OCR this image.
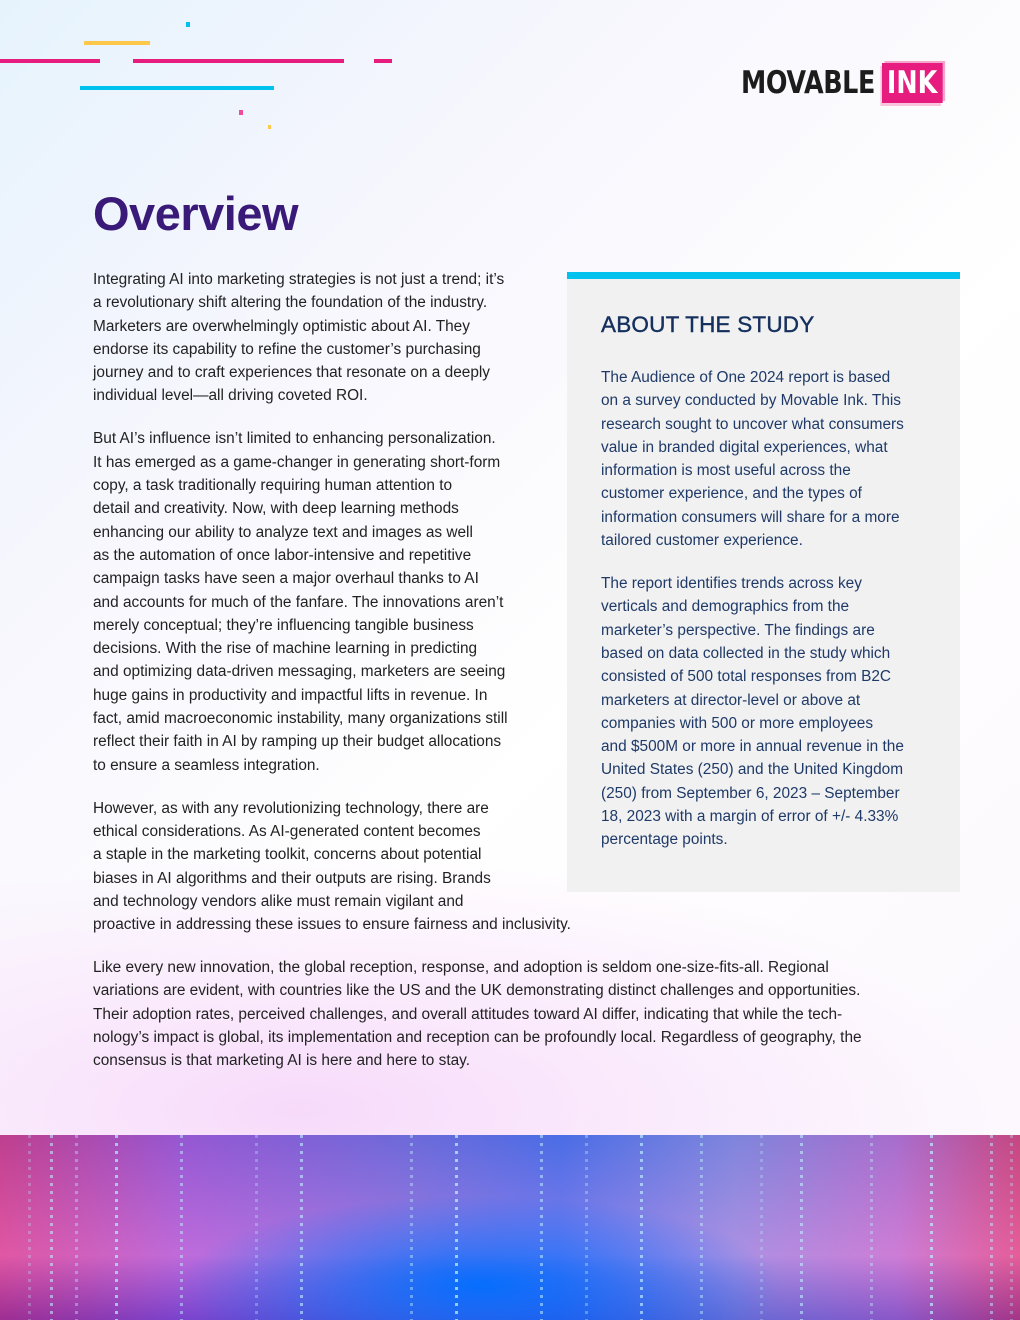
MOVABLE INK
Overview

Integrating AI into marketing strategies is not just a trend; it’s
a revolutionary shift altering the foundation of the industry.
Marketers are overwhelmingly optimistic about AI. They
endorse its capability to refine the customer’s purchasing
journey and to craft experiences that resonate on a deeply
individual level—all driving coveted ROI.

But AI’s influence isn’t limited to enhancing personalization.
It has emerged as a game-changer in generating short-form
copy, a task traditionally requiring human attention to
detail and creativity. Now, with deep learning methods
enhancing our ability to analyze text and images as well
as the automation of once labor-intensive and repetitive
campaign tasks have seen a major overhaul thanks to AI
and accounts for much of the fanfare. The innovations aren’t
merely conceptual; they’re influencing tangible business
decisions. With the rise of machine learning in predicting
and optimizing data-driven messaging, marketers are seeing
huge gains in productivity and impactful lifts in revenue. In
fact, amid macroeconomic instability, many organizations still
reflect their faith in AI by ramping up their budget allocations
to ensure a seamless integration.

However, as with any revolutionizing technology, there are
ethical considerations. As AI-generated content becomes
a staple in the marketing toolkit, concerns about potential
biases in AI algorithms and their outputs are rising. Brands
and technology vendors alike must remain vigilant and
proactive in addressing these issues to ensure fairness and inclusivity.

Like every new innovation, the global reception, response, and adoption is seldom one-size-fits-all. Regional
variations are evident, with countries like the US and the UK demonstrating distinct challenges and opportunities.
Their adoption rates, perceived challenges, and overall attitudes toward AI differ, indicating that while the tech-
nology’s impact is global, its implementation and reception can be profoundly local. Regardless of geography, the
consensus is that marketing AI is here and here to stay.

ABOUT THE STUDY

The Audience of One 2024 report is based
on a survey conducted by Movable Ink. This
research sought to uncover what consumers
value in branded digital experiences, what
information is most useful across the
customer experience, and the types of
information consumers will share for a more
tailored customer experience.

The report identifies trends across key
verticals and demographics from the
marketer’s perspective. The findings are
based on data collected in the study which
consisted of 500 total responses from B2C
marketers at director-level or above at
companies with 500 or more employees
and $500M or more in annual revenue in the
United States (250) and the United Kingdom
(250) from September 6, 2023 – September
18, 2023 with a margin of error of +/- 4.33%
percentage points.
